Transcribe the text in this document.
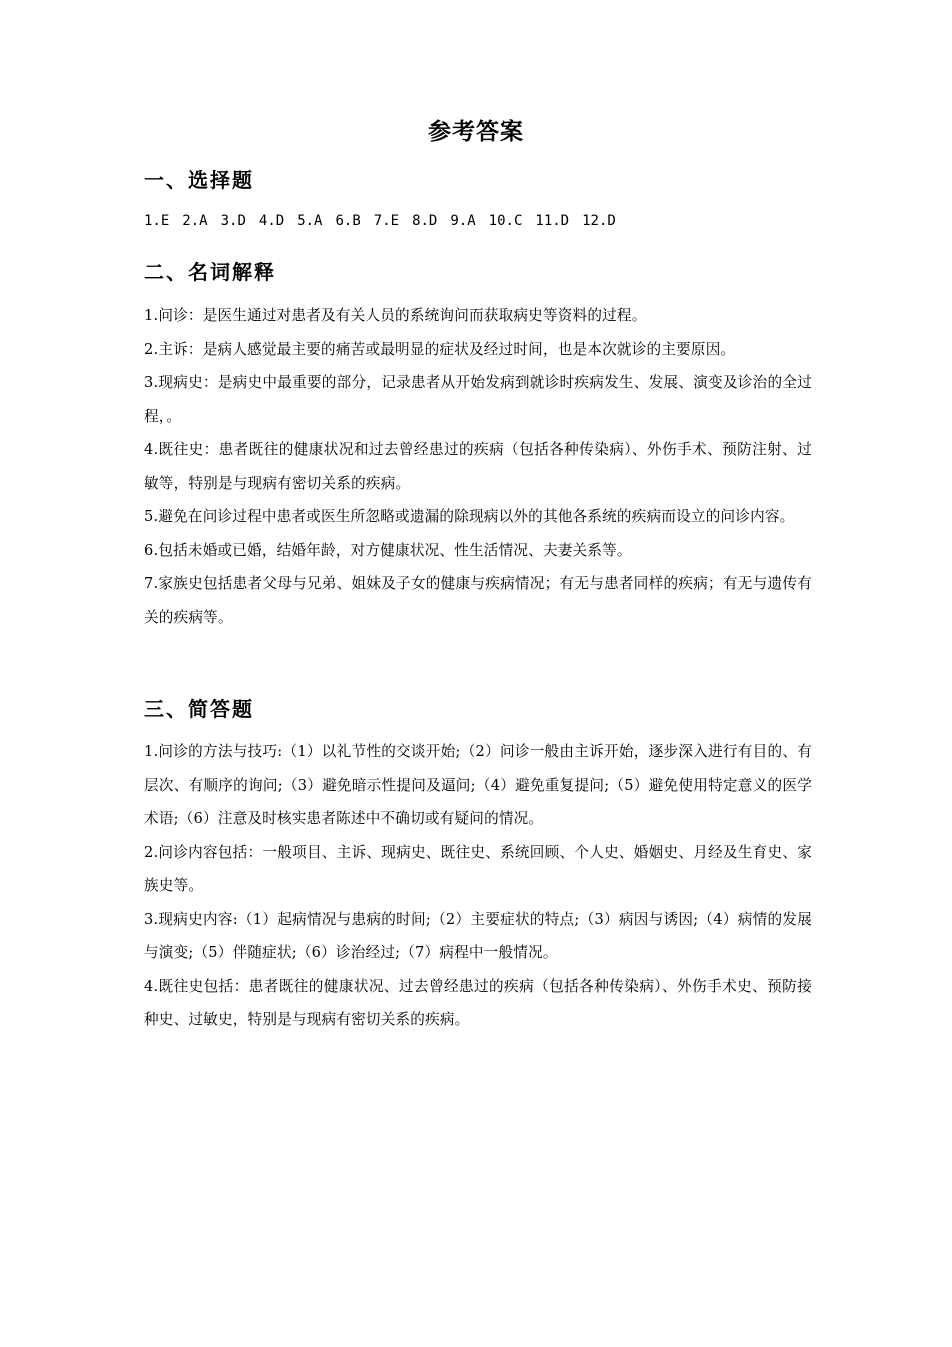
参考答案
一、选择题
1.E 2.A 3.D 4.D 5.A 6.B 7.E 8.D 9.A 10.C 11.D 12.D
二、名词解释
1.问诊：是医生通过对患者及有关人员的系统询问而获取病史等资料的过程。
2.主诉：是病人感觉最主要的痛苦或最明显的症状及经过时间，也是本次就诊的主要原因。
3.现病史：是病史中最重要的部分，记录患者从开始发病到就诊时疾病发生、发展、演变及诊治的全过程，。
4.既往史：患者既往的健康状况和过去曾经患过的疾病（包括各种传染病）、外伤手术、预防注射、过敏等，特别是与现病有密切关系的疾病。
5.避免在问诊过程中患者或医生所忽略或遗漏的除现病以外的其他各系统的疾病而设立的问诊内容。
6.包括未婚或已婚，结婚年龄，对方健康状况、性生活情况、夫妻关系等。
7.家族史包括患者父母与兄弟、姐妹及子女的健康与疾病情况；有无与患者同样的疾病；有无与遗传有关的疾病等。
三、简答题
1.问诊的方法与技巧:（1）以礼节性的交谈开始;（2）问诊一般由主诉开始，逐步深入进行有目的、有层次、有顺序的询问;（3）避免暗示性提问及逼问;（4）避免重复提问;（5）避免使用特定意义的医学术语;（6）注意及时核实患者陈述中不确切或有疑问的情况。
2.问诊内容包括：一般项目、主诉、现病史、既往史、系统回顾、个人史、婚姻史、月经及生育史、家族史等。
3.现病史内容:（1）起病情况与患病的时间;（2）主要症状的特点;（3）病因与诱因;（4）病情的发展与演变;（5）伴随症状;（6）诊治经过;（7）病程中一般情况。
4.既往史包括：患者既往的健康状况、过去曾经患过的疾病（包括各种传染病）、外伤手术史、预防接种史、过敏史，特别是与现病有密切关系的疾病。
